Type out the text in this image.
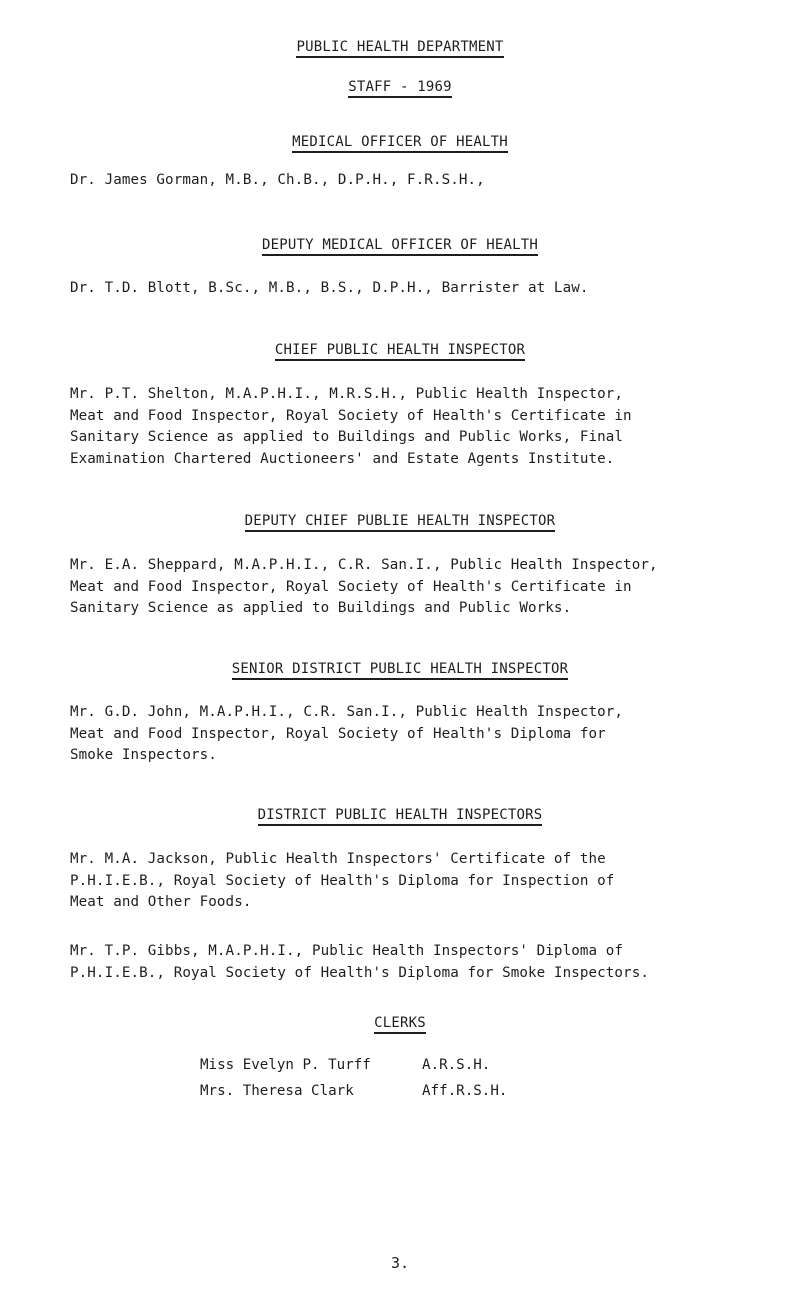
PUBLIC HEALTH DEPARTMENT
STAFF - 1969
MEDICAL OFFICER OF HEALTH
Dr. James Gorman, M.B., Ch.B., D.P.H., F.R.S.H.,
DEPUTY MEDICAL OFFICER OF HEALTH
Dr. T.D. Blott, B.Sc., M.B., B.S., D.P.H., Barrister at Law.
CHIEF PUBLIC HEALTH INSPECTOR
Mr. P.T. Shelton, M.A.P.H.I., M.R.S.H., Public Health Inspector,
Meat and Food Inspector, Royal Society of Health's Certificate in
Sanitary Science as applied to Buildings and Public Works, Final
Examination Chartered Auctioneers' and Estate Agents Institute.
DEPUTY CHIEF PUBLIE HEALTH INSPECTOR
Mr. E.A. Sheppard, M.A.P.H.I., C.R. San.I., Public Health Inspector,
Meat and Food Inspector, Royal Society of Health's Certificate in
Sanitary Science as applied to Buildings and Public Works.
SENIOR DISTRICT PUBLIC HEALTH INSPECTOR
Mr. G.D. John, M.A.P.H.I., C.R. San.I., Public Health Inspector,
Meat and Food Inspector, Royal Society of Health's Diploma for
Smoke Inspectors.
DISTRICT PUBLIC HEALTH INSPECTORS
Mr. M.A. Jackson, Public Health Inspectors' Certificate of the
P.H.I.E.B., Royal Society of Health's Diploma for Inspection of
Meat and Other Foods.
Mr. T.P. Gibbs, M.A.P.H.I., Public Health Inspectors' Diploma of
P.H.I.E.B., Royal Society of Health's Diploma for Smoke Inspectors.
CLERKS
Miss Evelyn P. Turff	A.R.S.H.
Mrs. Theresa Clark	Aff.R.S.H.
3.
